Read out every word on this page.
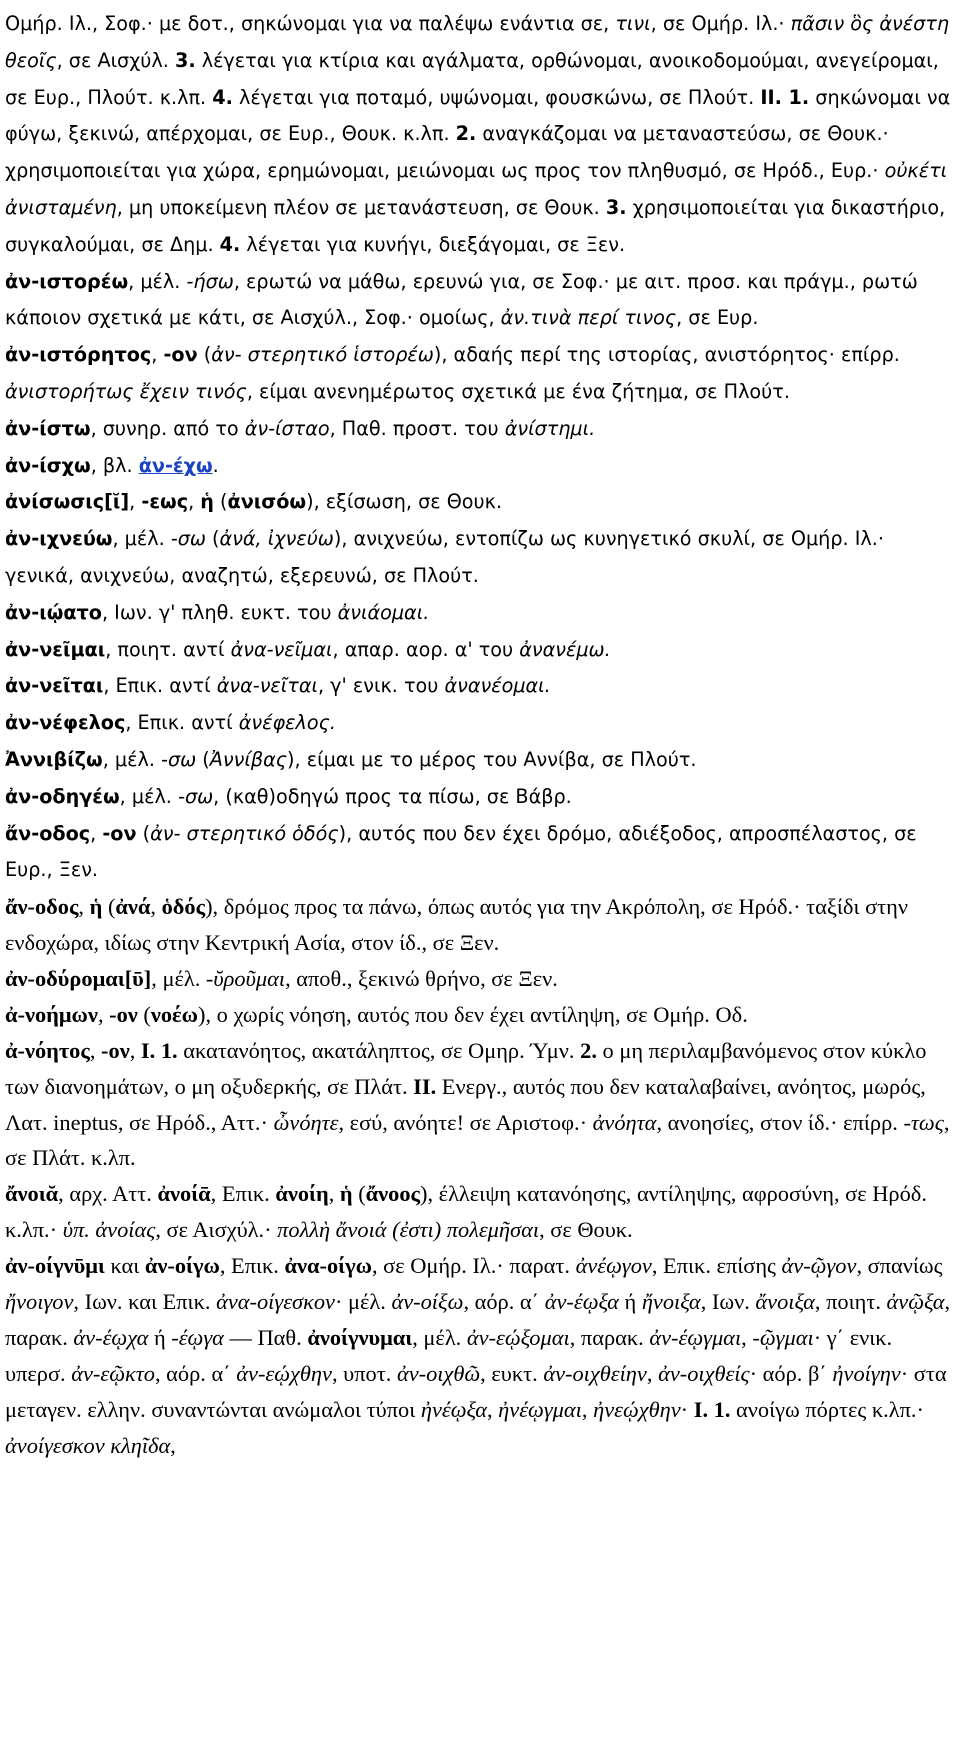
Ομήρ. Ιλ., Σοφ.· με δοτ., σηκώνομαι για να παλέψω ενάντια σε, τινι, σε Ομήρ. Ιλ.· πᾶσιν ὃς ἀνέστη θεοῖς, σε Αισχύλ. 3. λέγεται για κτίρια και αγάλματα, ορθώνομαι, ανοικοδομούμαι, ανεγείρομαι, σε Ευρ., Πλούτ. κ.λπ. 4. λέγεται για ποταμό, υψώνομαι, φουσκώνω, σε Πλούτ. II. 1. σηκώνομαι να φύγω, ξεκινώ, απέρχομαι, σε Ευρ., Θουκ. κ.λπ. 2. αναγκάζομαι να μεταναστεύσω, σε Θουκ.· χρησιμοποιείται για χώρα, ερημώνομαι, μειώνομαι ως προς τον πληθυσμό, σε Ηρόδ., Ευρ.· οὐκέτι ἀνισταμένη, μη υποκείμενη πλέον σε μετανάστευση, σε Θουκ. 3. χρησιμοποιείται για δικαστήριο, συγκαλούμαι, σε Δημ. 4. λέγεται για κυνήγι, διεξάγομαι, σε Ξεν.

ἀν-ιστορέω, μέλ. -ήσω, ερωτώ να μάθω, ερευνώ για, σε Σοφ.· με αιτ. προσ. και πράγμ., ρωτώ κάποιον σχετικά με κάτι, σε Αισχύλ., Σοφ.· ομοίως, ἀν.τινὰ περί τινος, σε Ευρ.

ἀν-ιστόρητος, -ον (ἀν- στερητικό ἱστορέω), αδαής περί της ιστορίας, ανιστόρητος· επίρρ. ἀνιστορήτως ἔχειν τινός, είμαι ανενημέρωτος σχετικά με ένα ζήτημα, σε Πλούτ.

ἀν-ίστω, συνηρ. από το ἀν-ίσταο, Παθ. προστ. του ἀνίστημι.

ἀν-ίσχω, βλ. ἀν-έχω.

ἀνίσωσις[ῐ], -εως, ἡ (ἀνισόω), εξίσωση, σε Θουκ.

ἀν-ιχνεύω, μέλ. -σω (ἀνά, ἰχνεύω), ανιχνεύω, εντοπίζω ως κυνηγετικό σκυλί, σε Ομήρ. Ιλ.· γενικά, ανιχνεύω, αναζητώ, εξερευνώ, σε Πλούτ.

ἀν-ιῴατο, Ιων. γ' πληθ. ευκτ. του ἀνιάομαι.

ἀν-νεῖμαι, ποιητ. αντί ἀνα-νεῖμαι, απαρ. αορ. α' του ἀνανέμω.

ἀν-νεῖται, Επικ. αντί ἀνα-νεῖται, γ' ενικ. του ἀνανέομαι.

ἀν-νέφελος, Επικ. αντί ἀνέφελος.

Ἀννιβίζω, μέλ. -σω (Ἀννίβας), είμαι με το μέρος του Αννίβα, σε Πλούτ.

ἀν-οδηγέω, μέλ. -σω, (καθ)οδηγώ προς τα πίσω, σε Βάβρ.

ἄν-οδος, -ον (ἀν- στερητικό ὁδός), αυτός που δεν έχει δρόμο, αδιέξοδος, απροσπέλαστος, σε Ευρ., Ξεν.

ἄν-οδος, ἡ (ἀνά, ὁδός), δρόμος προς τα πάνω, όπως αυτός για την Ακρόπολη, σε Ηρόδ.· ταξίδι στην ενδοχώρα, ιδίως στην Κεντρική Ασία, στον ίδ., σε Ξεν.

ἀν-οδύρομαι[ῡ], μέλ. -ῠροῦμαι, αποθ., ξεκινώ θρήνο, σε Ξεν.

ἀ-νοήμων, -ον (νοέω), ο χωρίς νόηση, αυτός που δεν έχει αντίληψη, σε Ομήρ. Οδ.

ἀ-νόητος, -ον, I. 1. ακατανόητος, ακατάληπτος, σε Ομηρ. Ύμν. 2. ο μη περιλαμβανόμενος στον κύκλο των διανοημάτων, ο μη οξυδερκής, σε Πλάτ. II. Ενεργ., αυτός που δεν καταλαβαίνει, ανόητος, μωρός, Λατ. ineptus, σε Ηρόδ., Αττ.· ὦνόητε, εσύ, ανόητε! σε Αριστοφ.· ἀνόητα, ανοησίες, στον ίδ.· επίρρ. -τως, σε Πλάτ. κ.λπ.

ἄνοιᾰ, αρχ. Αττ. ἀνοίᾱ, Επικ. ἀνοίη, ἡ (ἄνοος), έλλειψη κατανόησης, αντίληψης, αφροσύνη, σε Ηρόδ. κ.λπ.· ὑπ. ἀνοίας, σε Αισχύλ.· πολλὴ ἄνοιά (ἐστι) πολεμῆσαι, σε Θουκ.

ἀν-οίγνῡμι και ἀν-οίγω, Επικ. ἀνα-οίγω, σε Ομήρ. Ιλ.· παρατ. ἀνέῳγον, Επικ. επίσης ἀν-ῷγον, σπανίως ἤνοιγον, Ιων. και Επικ. ἀνα-οίγεσκον· μέλ. ἀν-οίξω, αόρ. α΄ ἀν-έῳξα ή ἤνοιξα, Ιων. ἄνοιξα, ποιητ. ἀνῷξα, παρακ. ἀν-έῳχα ή -έῳγα — Παθ. ἀνοίγνυμαι, μέλ. ἀν-εῴξομαι, παρακ. ἀν-έῳγμαι, -ῷγμαι· γ΄ ενικ. υπερσ. ἀν-εῷκτο, αόρ. α΄ ἀν-εῴχθην, υποτ. ἀν-οιχθῶ, ευκτ. ἀν-οιχθείην, ἀν-οιχθείς· αόρ. β΄ ἠνοίγην· στα μεταγεν. ελλην. συναντώνται ανώμαλοι τύποι ἠνέῳξα, ἠνέῳγμαι, ἠνεῴχθην· I. 1. ανοίγω πόρτες κ.λπ.· ἀνοίγεσκον κληῖδα,
